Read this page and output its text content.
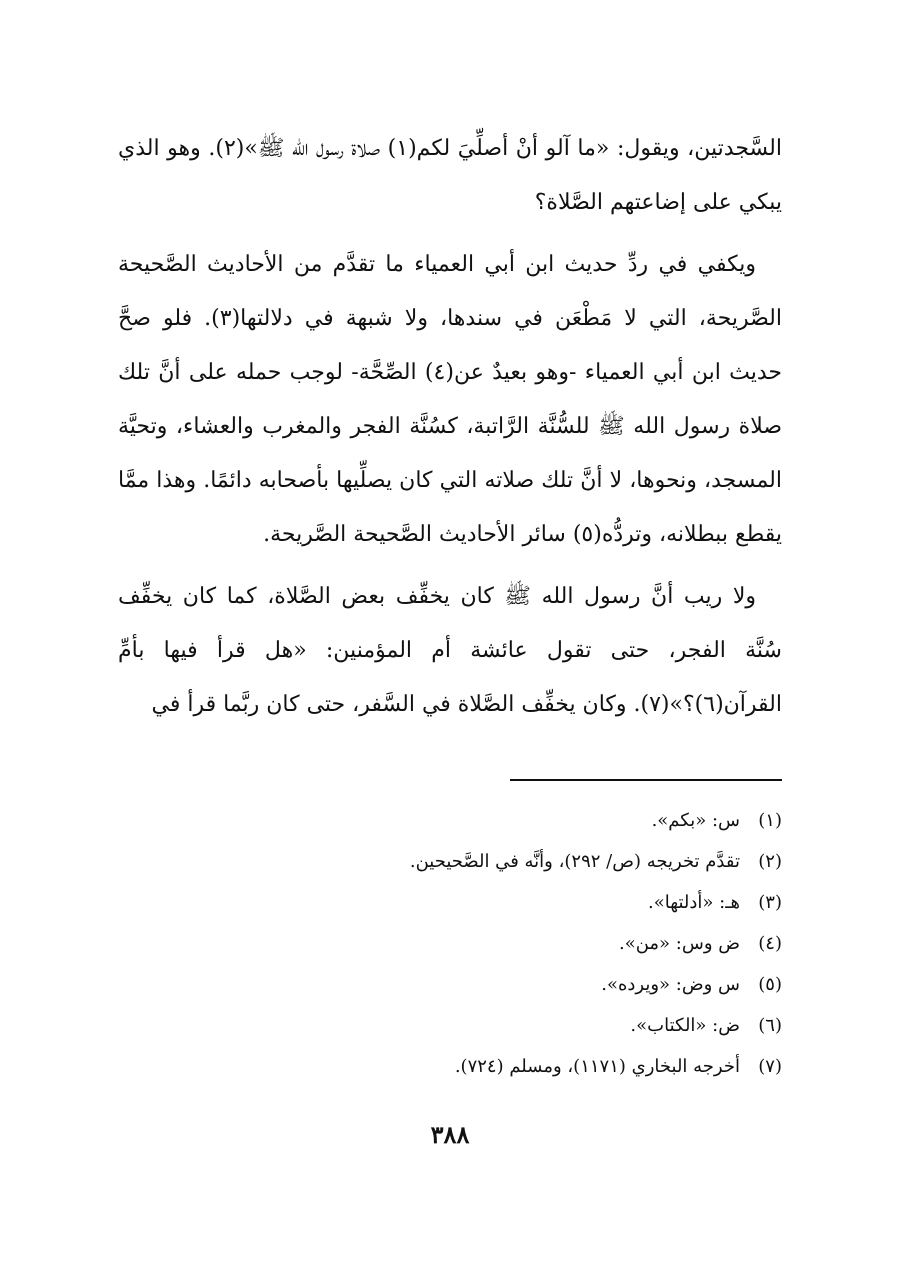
السَّجدتين، ويقول: «ما آلو أنْ أصلِّيَ لكم(١) صلاة رسول الله ﷺ»(٢). وهو الذي يبكي على إضاعتهم الصَّلاة؟

ويكفي في ردِّ حديث ابن أبي العمياء ما تقدَّم من الأحاديث الصَّحيحة الصَّريحة، التي لا مَطْعَن في سندها، ولا شبهة في دلالتها(٣). فلو صحَّ حديث ابن أبي العمياء -وهو بعيدٌ عن(٤) الصِّحَّة- لوجب حمله على أنَّ تلك صلاة رسول الله ﷺ للسُّنَّة الرَّاتبة، كسُنَّة الفجر والمغرب والعشاء، وتحيَّة المسجد، ونحوها، لا أنَّ تلك صلاته التي كان يصلِّيها بأصحابه دائمًا. وهذا ممَّا يقطع ببطلانه، وتردُّه(٥) سائر الأحاديث الصَّحيحة الصَّريحة.

ولا ريب أنَّ رسول الله ﷺ كان يخفِّف بعض الصَّلاة، كما كان يخفِّف سُنَّة الفجر، حتى تقول عائشة أم المؤمنين: «هل قرأ فيها بأمِّ القرآن(٦)؟»(٧). وكان يخفِّف الصَّلاة في السَّفر، حتى كان ربَّما قرأ في

(١)
س: «بكم».
(٢)
تقدَّم تخريجه (ص/ ٢٩٢)، وأنَّه في الصَّحيحين.
(٣)
هـ: «أدلتها».
(٤)
ض وس: «من».
(٥)
س وض: «ويرده».
(٦)
ض: «الكتاب».
(٧)
أخرجه البخاري (١١٧١)، ومسلم (٧٢٤).
٣٨٨
